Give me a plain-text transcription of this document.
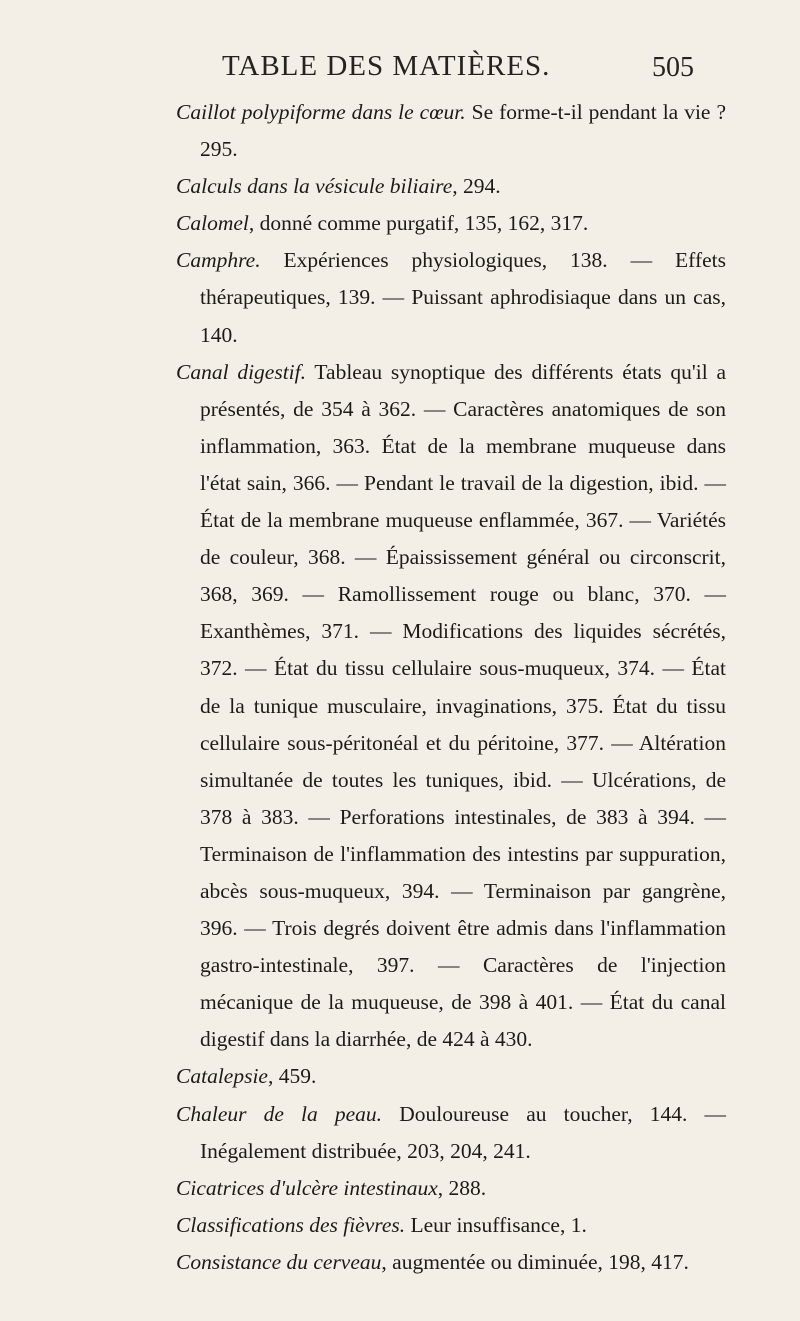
TABLE DES MATIÈRES.	505

Caillot polypiforme dans le cœur. Se forme-t-il pendant la vie ? 295.

Calculs dans la vésicule biliaire, 294.

Calomel, donné comme purgatif, 135, 162, 317.

Camphre. Expériences physiologiques, 138. — Effets thérapeutiques, 139. — Puissant aphrodisiaque dans un cas, 140.

Canal digestif. Tableau synoptique des différents états qu'il a présentés, de 354 à 362. — Caractères anatomiques de son inflammation, 363. État de la membrane muqueuse dans l'état sain, 366. — Pendant le travail de la digestion, ibid. — État de la membrane muqueuse enflammée, 367. — Variétés de couleur, 368. — Épaississement général ou circonscrit, 368, 369. — Ramollissement rouge ou blanc, 370. — Exanthèmes, 371. — Modifications des liquides sécrétés, 372. — État du tissu cellulaire sous-muqueux, 374. — État de la tunique musculaire, invaginations, 375. État du tissu cellulaire sous-péritonéal et du péritoine, 377. — Altération simultanée de toutes les tuniques, ibid. — Ulcérations, de 378 à 383. — Perforations intestinales, de 383 à 394. — Terminaison de l'inflammation des intestins par suppuration, abcès sous-muqueux, 394. — Terminaison par gangrène, 396. — Trois degrés doivent être admis dans l'inflammation gastro-intestinale, 397. — Caractères de l'injection mécanique de la muqueuse, de 398 à 401. — État du canal digestif dans la diarrhée, de 424 à 430.

Catalepsie, 459.

Chaleur de la peau. Douloureuse au toucher, 144. — Inégalement distribuée, 203, 204, 241.

Cicatrices d'ulcère intestinaux, 288.

Classifications des fièvres. Leur insuffisance, 1.

Consistance du cerveau, augmentée ou diminuée, 198, 417.
